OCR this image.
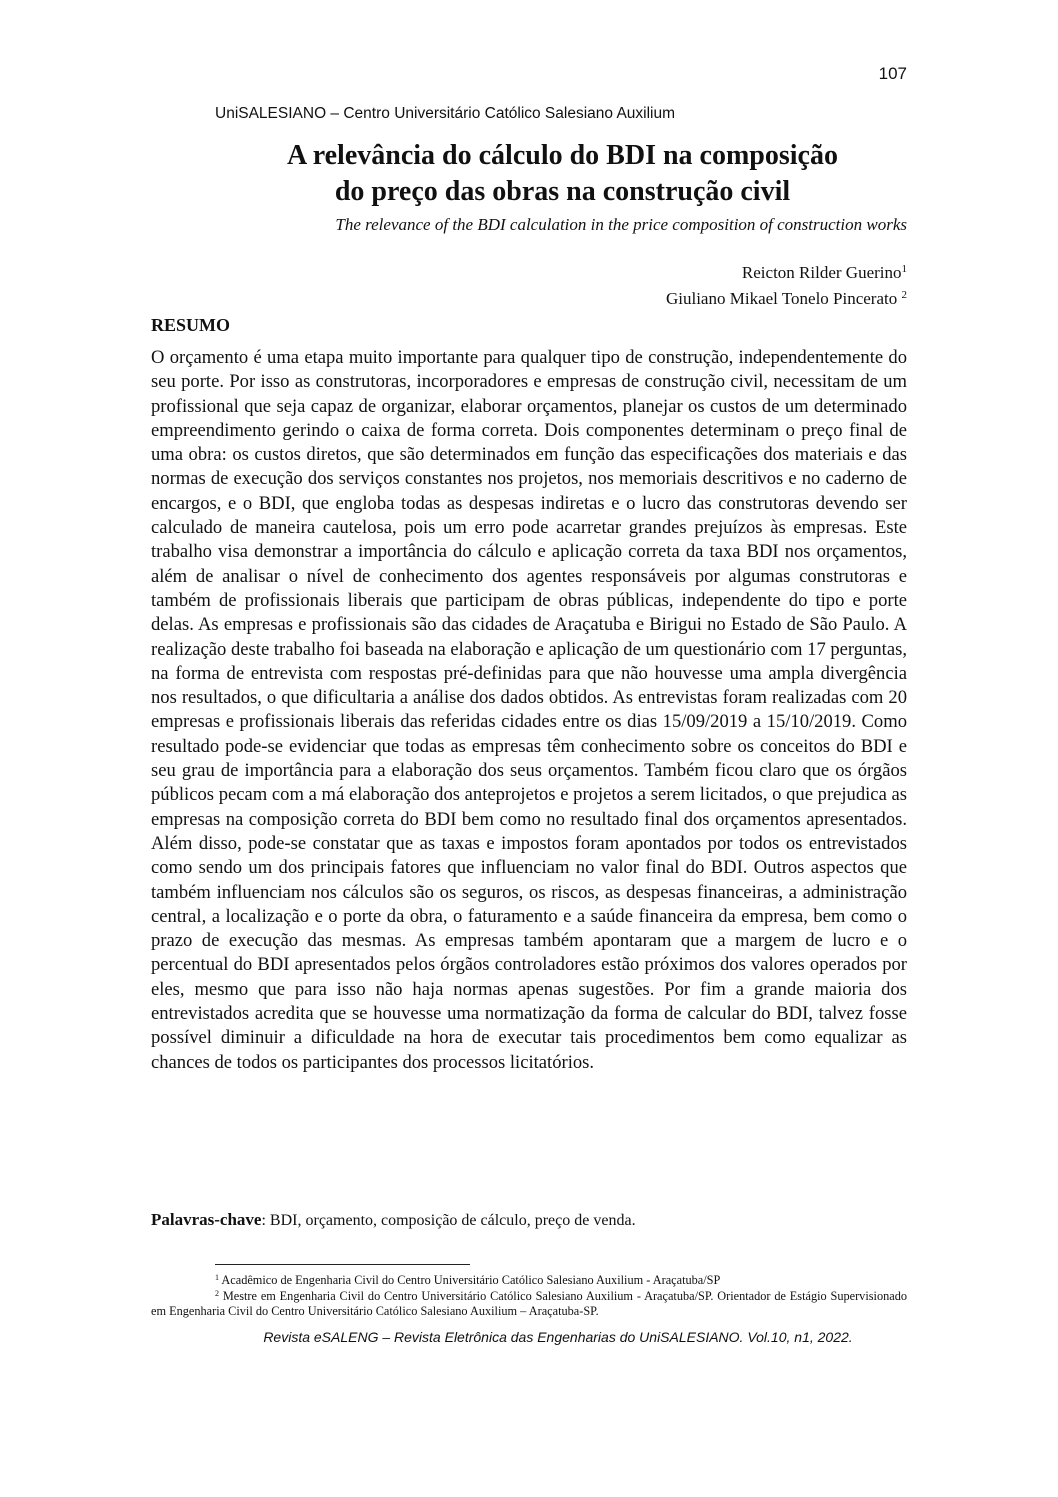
107
UniSALESIANO – Centro Universitário Católico Salesiano Auxilium
A relevância do cálculo do BDI na composição
do preço das obras na construção civil
The relevance of the BDI calculation in the price composition of construction works
Reicton Rilder Guerino$^1$
Giuliano Mikael Tonelo Pincerato $^2$
RESUMO

O orçamento é uma etapa muito importante para qualquer tipo de construção, independentemente do seu porte. Por isso as construtoras, incorporadores e empresas de construção civil, necessitam de um profissional que seja capaz de organizar, elaborar orçamentos, planejar os custos de um determinado empreendimento gerindo o caixa de forma correta. Dois componentes determinam o preço final de uma obra: os custos diretos, que são determinados em função das especificações dos materiais e das normas de execução dos serviços constantes nos projetos, nos memoriais descritivos e no caderno de encargos, e o BDI, que engloba todas as despesas indiretas e o lucro das construtoras devendo ser calculado de maneira cautelosa, pois um erro pode acarretar grandes prejuízos às empresas. Este trabalho visa demonstrar a importância do cálculo e aplicação correta da taxa BDI nos orçamentos, além de analisar o nível de conhecimento dos agentes responsáveis por algumas construtoras e também de profissionais liberais que participam de obras públicas, independente do tipo e porte delas. As empresas e profissionais são das cidades de Araçatuba e Birigui no Estado de São Paulo. A realização deste trabalho foi baseada na elaboração e aplicação de um questionário com 17 perguntas, na forma de entrevista com respostas pré-definidas para que não houvesse uma ampla divergência nos resultados, o que dificultaria a análise dos dados obtidos. As entrevistas foram realizadas com 20 empresas e profissionais liberais das referidas cidades entre os dias 15/09/2019 a 15/10/2019. Como resultado pode-se evidenciar que todas as empresas têm conhecimento sobre os conceitos do BDI e seu grau de importância para a elaboração dos seus orçamentos. Também ficou claro que os órgãos públicos pecam com a má elaboração dos anteprojetos e projetos a serem licitados, o que prejudica as empresas na composição correta do BDI bem como no resultado final dos orçamentos apresentados. Além disso, pode-se constatar que as taxas e impostos foram apontados por todos os entrevistados como sendo um dos principais fatores que influenciam no valor final do BDI. Outros aspectos que também influenciam nos cálculos são os seguros, os riscos, as despesas financeiras, a administração central, a localização e o porte da obra, o faturamento e a saúde financeira da empresa, bem como o prazo de execução das mesmas. As empresas também apontaram que a margem de lucro e o percentual do BDI apresentados pelos órgãos controladores estão próximos dos valores operados por eles, mesmo que para isso não haja normas apenas sugestões. Por fim a grande maioria dos entrevistados acredita que se houvesse uma normatização da forma de calcular do BDI, talvez fosse possível diminuir a dificuldade na hora de executar tais procedimentos bem como equalizar as chances de todos os participantes dos processos licitatórios.

Palavras-chave: BDI, orçamento, composição de cálculo, preço de venda.

$^1$ Acadêmico de Engenharia Civil do Centro Universitário Católico Salesiano Auxilium - Araçatuba/SP

$^2$ Mestre em Engenharia Civil do Centro Universitário Católico Salesiano Auxilium - Araçatuba/SP. Orientador de Estágio Supervisionado em Engenharia Civil do Centro Universitário Católico Salesiano Auxilium – Araçatuba-SP.

Revista eSALENG – Revista Eletrônica das Engenharias do UniSALESIANO. Vol.10, n1, 2022.
